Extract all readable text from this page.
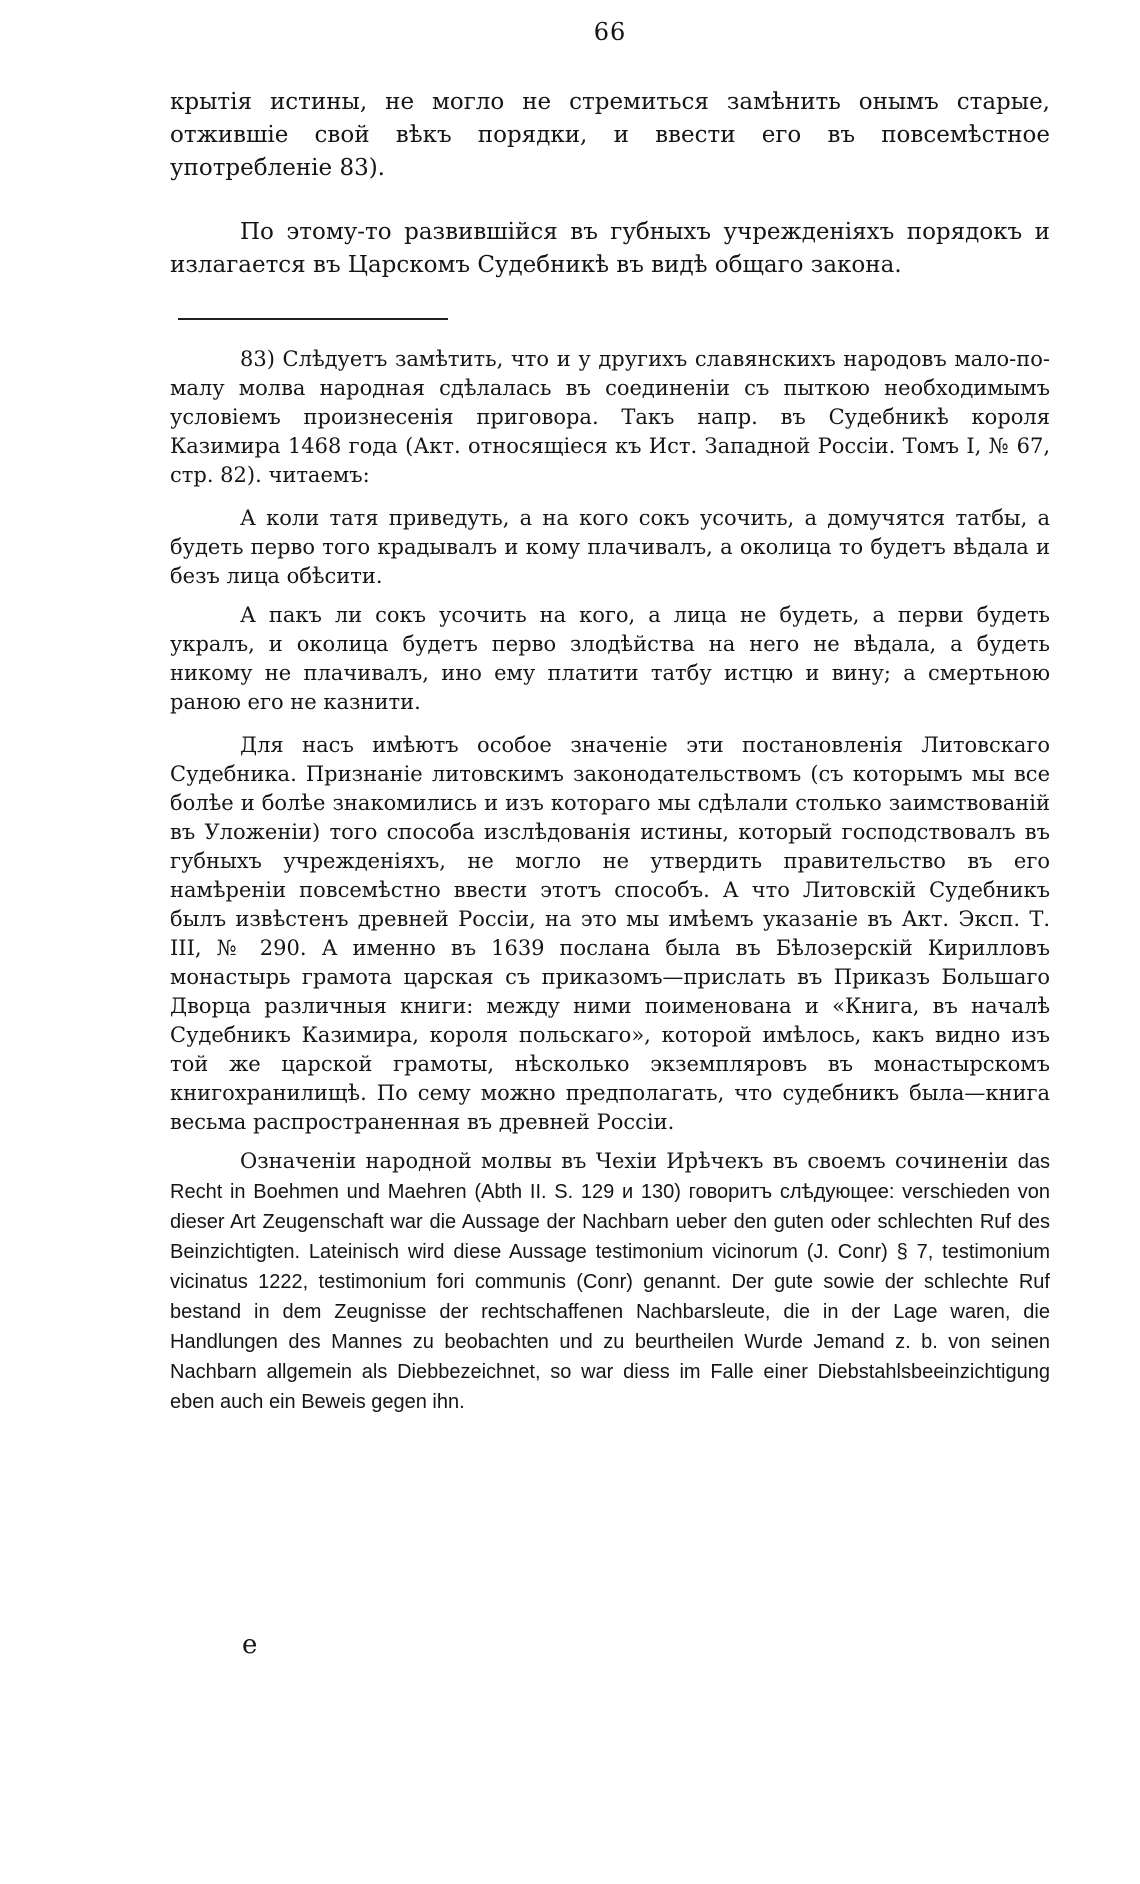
66

крытія истины, не могло не стремиться замѣнить онымъ старые, отжившіе свой вѣкъ порядки, и ввести его въ повсемѣстное употребленіе 83).

По этому-то развившійся въ губныхъ учрежденіяхъ порядокъ и излагается въ Царскомъ Судебникѣ въ видѣ общаго закона.

83) Слѣдуетъ замѣтить, что и у другихъ славянскихъ народовъ мало-по-малу молва народная сдѣлалась въ соединеніи съ пыткою необходимымъ условіемъ произнесенія приговора. Такъ напр. въ Судебникѣ короля Казимира 1468 года (Акт. относящіеся къ Ист. Западной Россіи. Томъ I, № 67, стр. 82). читаемъ:

А коли татя приведуть, а на кого сокъ усочить, а домучятся татбы, а будеть перво того крадывалъ и кому плачивалъ, а околица то будетъ вѣдала и безъ лица обѣсити.

А пакъ ли сокъ усочить на кого, а лица не будеть, а перви будеть укралъ, и околица будетъ перво злодѣйства на него не вѣдала, а будеть никому не плачивалъ, ино ему платити татбу истцю и вину; а смертьною раною его не казнити.

Для насъ имѣютъ особое значеніе эти постановленія Литовскаго Судебника. Признаніе литовскимъ законодательствомъ (съ которымъ мы все болѣе и болѣе знакомились и изъ котораго мы сдѣлали столько заимствованій въ Уложеніи) того способа изслѣдованія истины, который господствовалъ въ губныхъ учрежденіяхъ, не могло не утвердить правительство въ его намѣреніи повсемѣстно ввести этотъ способъ. А что Литовскій Судебникъ былъ извѣстенъ древней Россіи, на это мы имѣемъ указаніе въ Акт. Эксп. Т. III, № 290. А именно въ 1639 послана была въ Бѣлозерскій Кирилловъ монастырь грамота царская съ приказомъ—прислать въ Приказъ Большаго Дворца различныя книги: между ними поименована и «Книга, въ началѣ Судебникъ Казимира, короля польскаго», которой имѣлось, какъ видно изъ той же царской грамоты, нѣсколько экземпляровъ въ монастырскомъ книгохранилищѣ. По сему можно предполагать, что судебникъ была—книга весьма распространенная въ древней Россіи.

Означеніи народной молвы въ Чехіи Ирѣчекъ въ своемъ сочиненіи das Recht in Boehmen und Maehren (Abth II. S. 129 и 130) говоритъ слѣдующее: verschieden von dieser Art Zeugenschaft war die Aussage der Nachbarn ueber den guten oder schlechten Ruf des Beinzichtigten. Lateinisch wird diese Aussage testimonium vicinorum (J. Conr) § 7, testimonium vicinatus 1222, testimonium fori communis (Conr) genannt. Der gute sowie der schlechte Ruf bestand in dem Zeugnisse der rechtschaffenen Nachbarsleute, die in der Lage waren, die Handlungen des Mannes zu beobachten und zu beurtheilen Wurde Jemand z. b. von seinen Nachbarn allgemein als Diebbezeichnet, so war diess im Falle einer Diebstahlsbeeinzichtigung eben auch ein Beweis gegen ihn.

e
